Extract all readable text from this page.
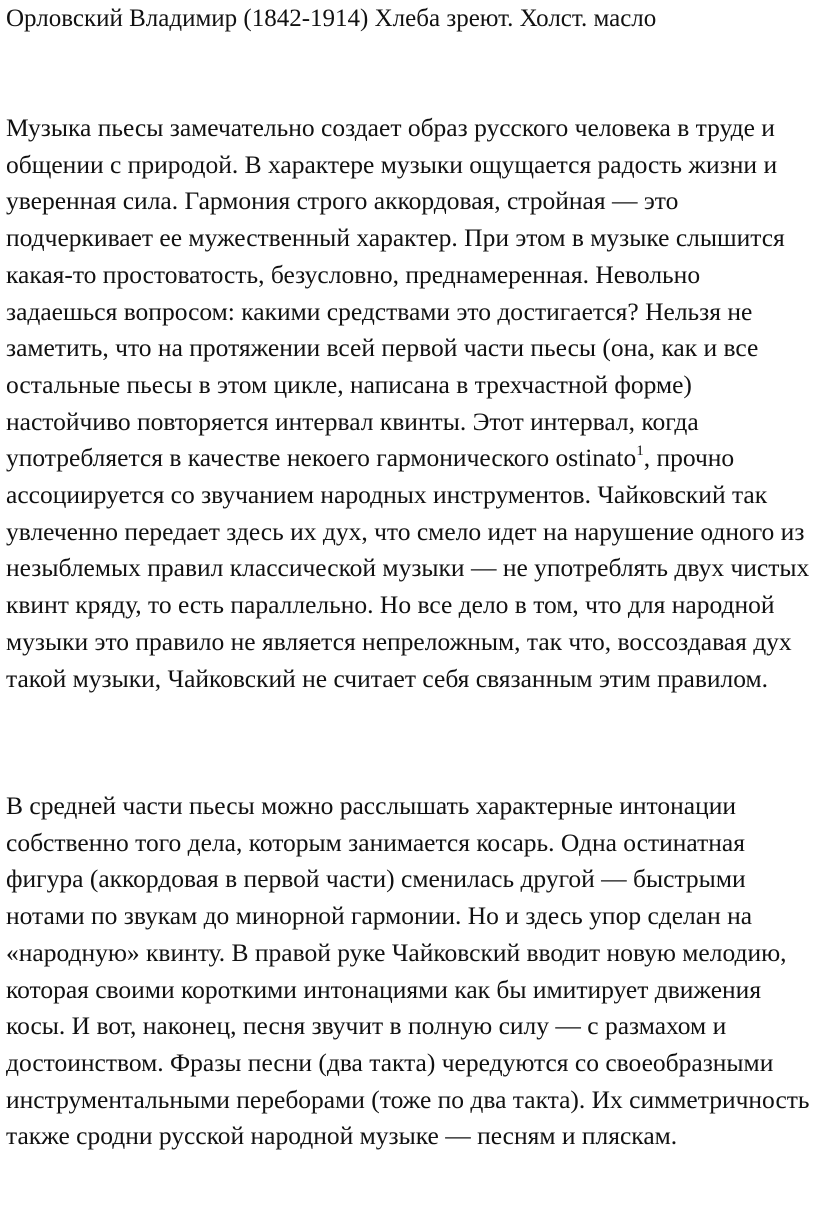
Орловский Владимир (1842-1914) Хлеба зреют. Холст. масло

Музыка пьесы замечательно создает образ русского человека в труде и общении с природой. В характере музыки ощущается радость жизни и уверенная сила. Гармония строго аккордовая, стройная — это подчеркивает ее мужественный характер. При этом в музыке слышится какая-то простоватость, безусловно, преднамеренная. Невольно задаешься вопросом: какими средствами это достигается? Нельзя не заметить, что на протяжении всей первой части пьесы (она, как и все остальные пьесы в этом цикле, написана в трехчастной форме) настойчиво повторяется интервал квинты. Этот интервал, когда употребляется в качестве некоего гармонического ostinato$^1$, прочно ассоциируется со звучанием народных инструментов. Чайковский так увлеченно передает здесь их дух, что смело идет на нарушение одного из незыблемых правил классической музыки — не употреблять двух чистых квинт кряду, то есть параллельно. Но все дело в том, что для народной музыки это правило не является непреложным, так что, воссоздавая дух такой музыки, Чайковский не считает себя связанным этим правилом.

В средней части пьесы можно расслышать характерные интонации собственно того дела, которым занимается косарь. Одна остинатная фигура (аккордовая в первой части) сменилась другой — быстрыми нотами по звукам до минорной гармонии. Но и здесь упор сделан на «народную» квинту. В правой руке Чайковский вводит новую мелодию, которая своими короткими интонациями как бы имитирует движения косы. И вот, наконец, песня звучит в полную силу — с размахом и достоинством. Фразы песни (два такта) чередуются со своеобразными инструментальными переборами (тоже по два такта). Их симметричность также сродни русской народной музыке — песням и пляскам.
